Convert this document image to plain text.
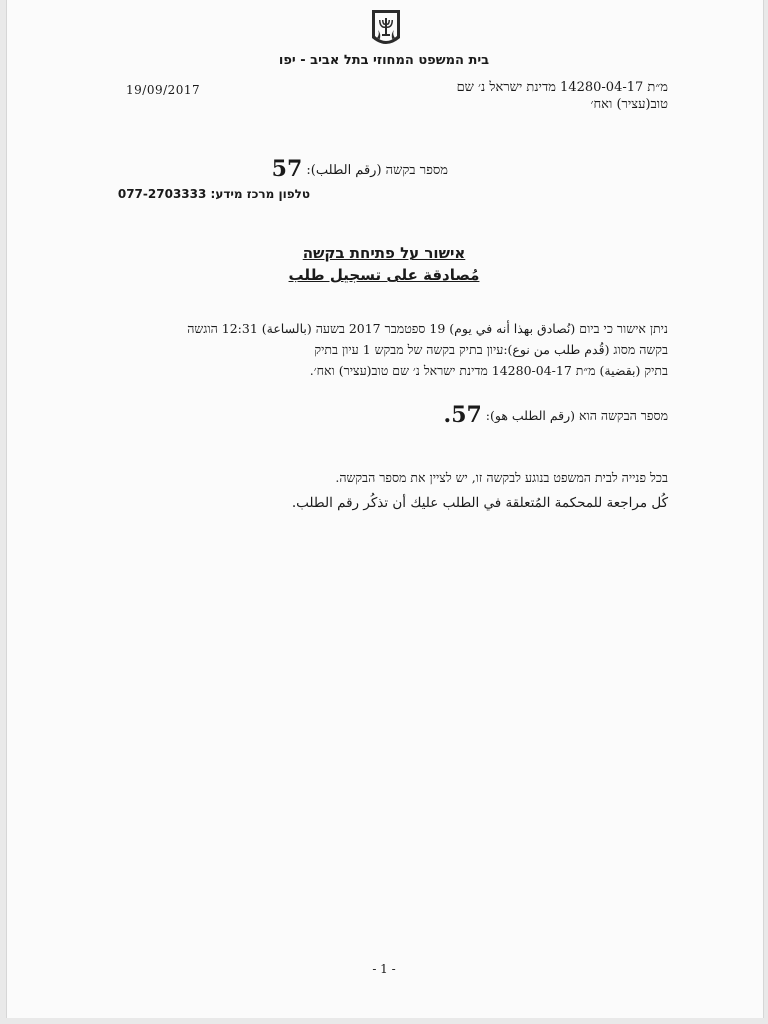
בית המשפט המחוזי בתל אביב - יפו
19/09/2017	מ״ת 14280-04-17 מדינת ישראל נ׳ שם
טוב(עציר) ואח׳
מספר בקשה (رقم الطلب): 57
טלפון מרכז מידע: 077-2703333
אישור על פתיחת בקשה
مُصادقة على تسجيل طلب
ניתן אישור כי ביום (نُصادق بهذا أنه في يوم) 19 ספטמבר 2017 בשעה (بالساعة) 12:31 הוגשה
בקשה מסוג (قُدم طلب من نوع):עיון בתיק בקשה של מבקש 1 עיון בתיק
בתיק (بقضية) מ״ת 14280-04-17 מדינת ישראל נ׳ שם טוב(עציר) ואח׳.
מספר הבקשה הוא (رقم الطلب هو): 57.
בכל פנייה לבית המשפט בנוגע לבקשה זו, יש לציין את מספר הבקשה.
كُل مراجعة للمحكمة المُتعلقة في الطلب عليك أن تذكُر رقم الطلب.
- 1 -
